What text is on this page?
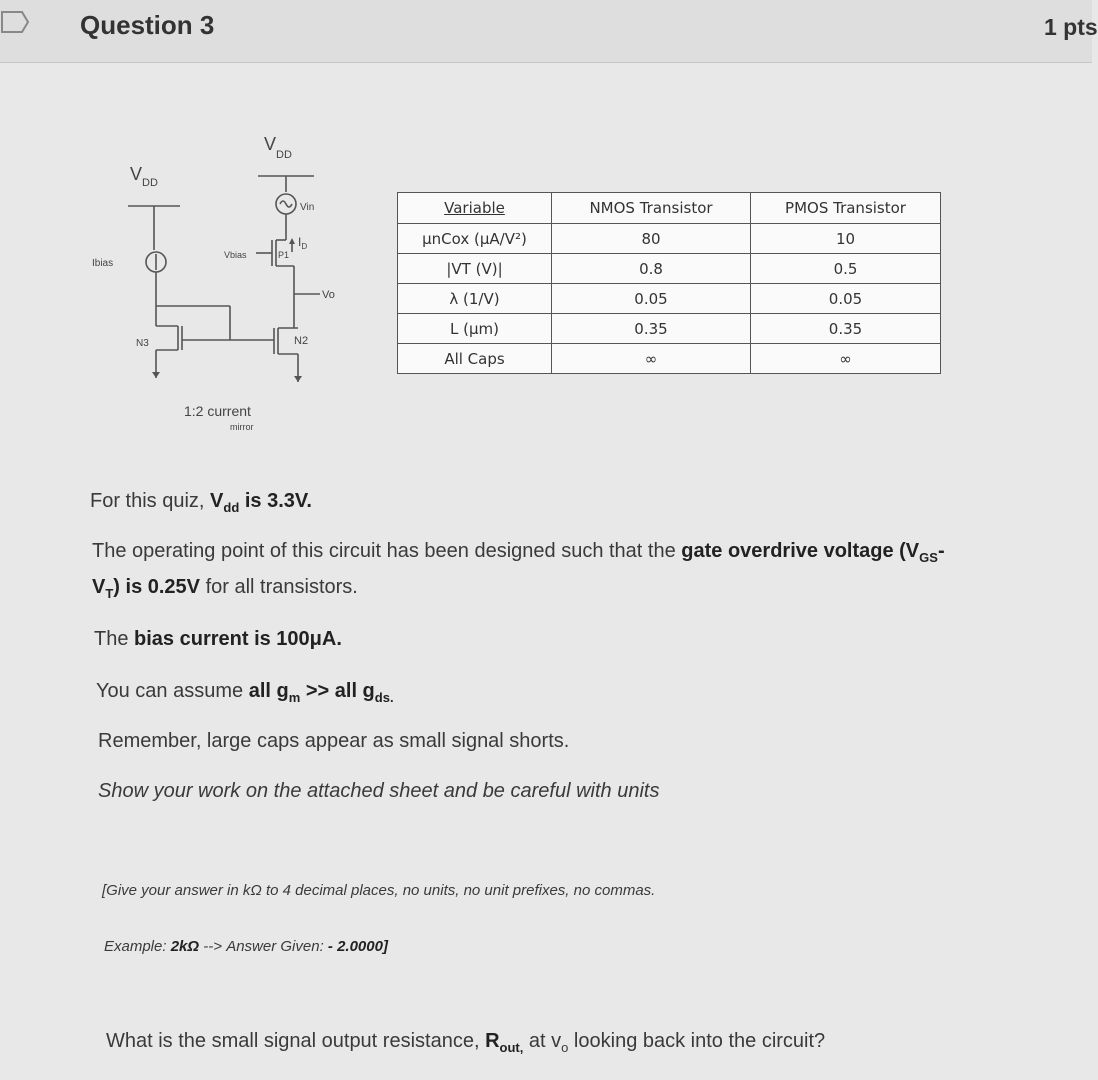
Question 3	1 pts
$V_{DD}$
$V_{DD}$
Vin
$I_D$
Vbias	P1
Vo
Ibias
N3	N2
1:2 current
mirror
Variable	NMOS Transistor	PMOS Transistor
μnCox (μA/V²)	80	10
|VT (V)|	0.8	0.5
λ (1/V)	0.05	0.05
L (μm)	0.35	0.35
All Caps	∞	∞
For this quiz, $V_{dd}$ is 3.3V.
The operating point of this circuit has been designed such that the gate overdrive voltage ($V_{GS}-$
$V_T$) is 0.25V for all transistors.
The bias current is 100μA.
You can assume all $g_m$ >> all $g_{ds.}$
Remember, large caps appear as small signal shorts.
Show your work on the attached sheet and be careful with units
[Give your answer in kΩ to 4 decimal places, no units, no unit prefixes, no commas.
Example: 2kΩ --> Answer Given: - 2.0000]
What is the small signal output resistance, $R_{out,}$ at $v_o$ looking back into the circuit?
